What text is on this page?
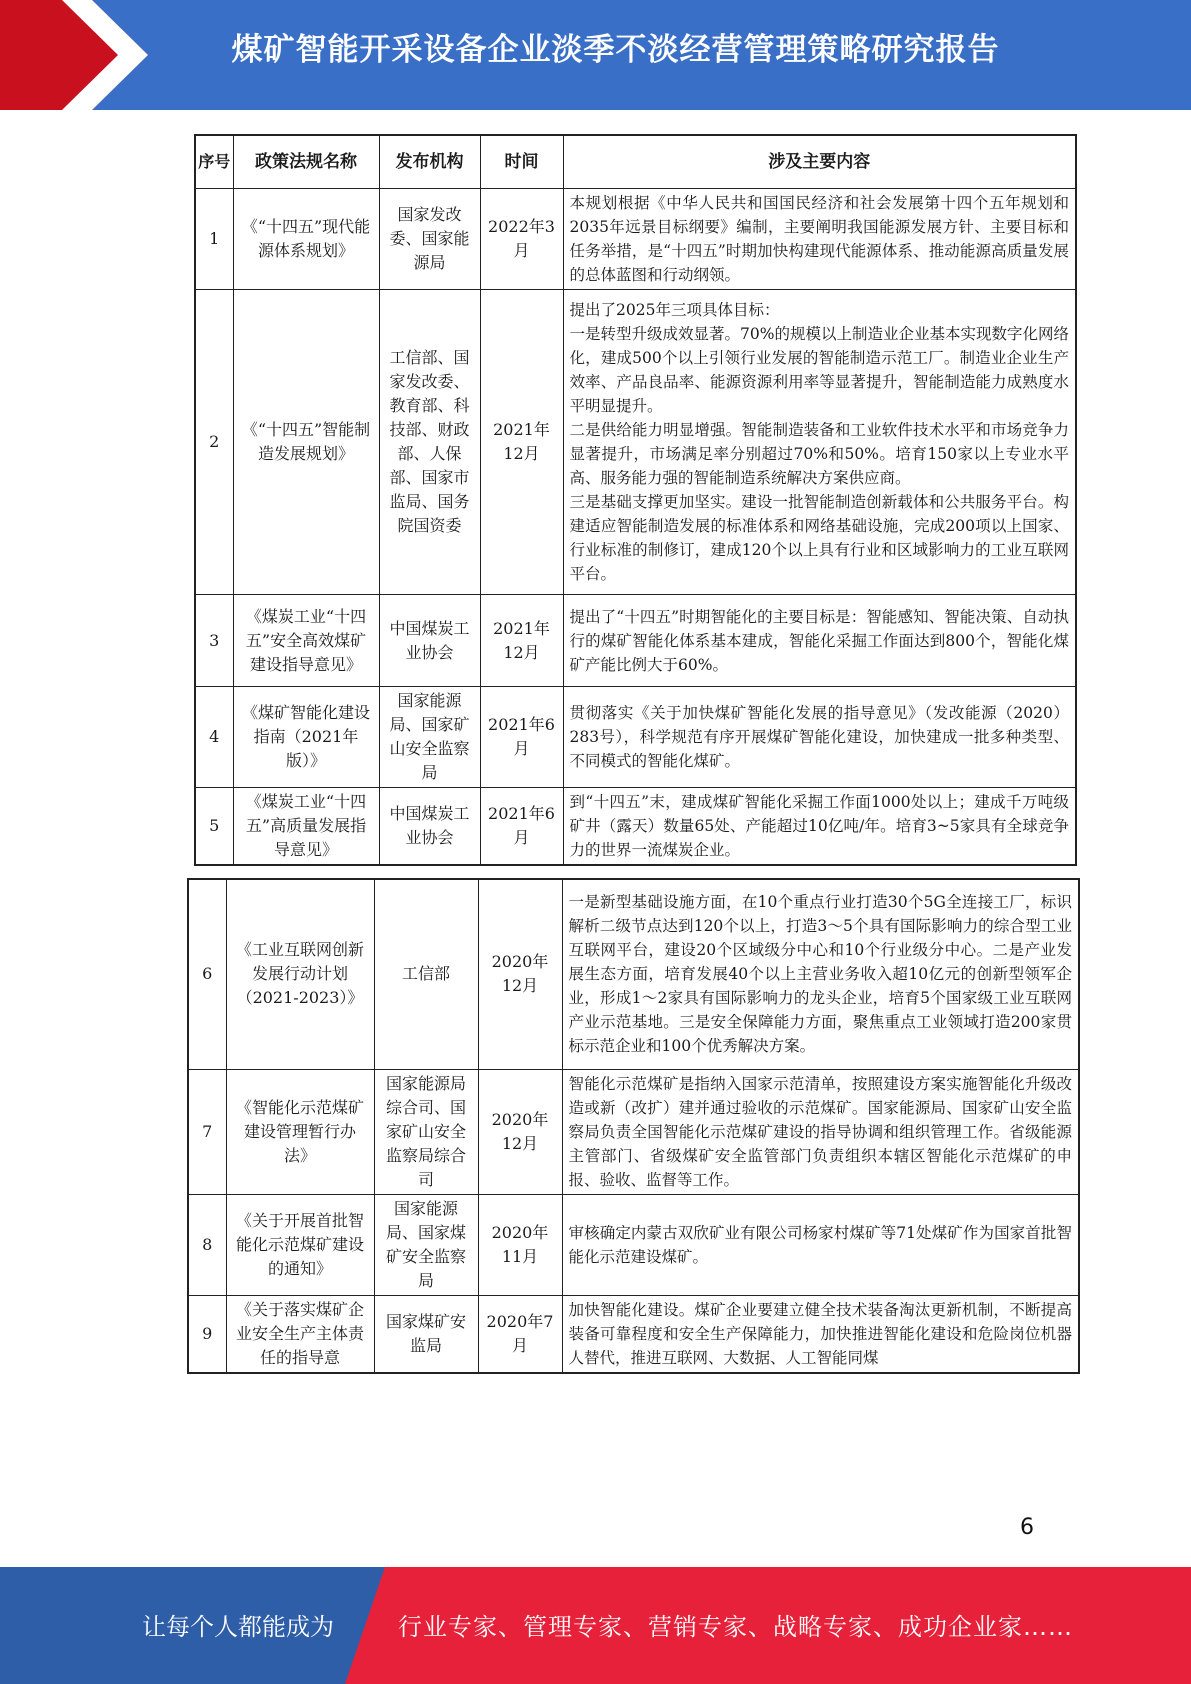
煤矿智能开采设备企业淡季不淡经营管理策略研究报告
序号	政策法规名称	发布机构	时间	涉及主要内容
1	《“十四五”现代能源体系规划》	国家发改委、国家能源局	2022年3月	本规划根据《中华人民共和国国民经济和社会发展第十四个五年规划和2035年远景目标纲要》编制，主要阐明我国能源发展方针、主要目标和任务举措，是“十四五”时期加快构建现代能源体系、推动能源高质量发展的总体蓝图和行动纲领。
2	《“十四五”智能制造发展规划》	工信部、国家发改委、教育部、科技部、财政部、人保部、国家市监局、国务院国资委	2021年12月	提出了2025年三项具体目标：
一是转型升级成效显著。70%的规模以上制造业企业基本实现数字化网络化，建成500个以上引领行业发展的智能制造示范工厂。制造业企业生产效率、产品良品率、能源资源利用率等显著提升，智能制造能力成熟度水平明显提升。
二是供给能力明显增强。智能制造装备和工业软件技术水平和市场竞争力显著提升，市场满足率分别超过70%和50%。培育150家以上专业水平高、服务能力强的智能制造系统解决方案供应商。
三是基础支撑更加坚实。建设一批智能制造创新载体和公共服务平台。构建适应智能制造发展的标准体系和网络基础设施，完成200项以上国家、行业标准的制修订，建成120个以上具有行业和区域影响力的工业互联网平台。

3	《煤炭工业“十四五”安全高效煤矿建设指导意见》	中国煤炭工业协会	2021年12月	提出了“十四五”时期智能化的主要目标是：智能感知、智能决策、自动执行的煤矿智能化体系基本建成，智能化采掘工作面达到800个，智能化煤矿产能比例大于60%。
4	《煤矿智能化建设指南（2021年版）》	国家能源局、国家矿山安全监察局	2021年6月	贯彻落实《关于加快煤矿智能化发展的指导意见》（发改能源（2020）283号），科学规范有序开展煤矿智能化建设，加快建成一批多种类型、不同模式的智能化煤矿。
5	《煤炭工业“十四五”高质量发展指导意见》	中国煤炭工业协会	2021年6月	到“十四五”末，建成煤矿智能化采掘工作面1000处以上；建成千万吨级矿井（露天）数量65处、产能超过10亿吨/年。培育3~5家具有全球竞争力的世界一流煤炭企业。
6	《工业互联网创新发展行动计划（2021-2023）》	工信部	2020年12月	一是新型基础设施方面，在10个重点行业打造30个5G全连接工厂，标识解析二级节点达到120个以上，打造3～5个具有国际影响力的综合型工业互联网平台，建设20个区域级分中心和10个行业级分中心。二是产业发展生态方面，培育发展40个以上主营业务收入超10亿元的创新型领军企业，形成1～2家具有国际影响力的龙头企业，培育5个国家级工业互联网产业示范基地。三是安全保障能力方面，聚焦重点工业领域打造200家贯标示范企业和100个优秀解决方案。
7	《智能化示范煤矿建设管理暂行办法》	国家能源局综合司、国家矿山安全监察局综合司	2020年12月	智能化示范煤矿是指纳入国家示范清单，按照建设方案实施智能化升级改造或新（改扩）建并通过验收的示范煤矿。国家能源局、国家矿山安全监察局负责全国智能化示范煤矿建设的指导协调和组织管理工作。省级能源主管部门、省级煤矿安全监管部门负责组织本辖区智能化示范煤矿的申报、验收、监督等工作。
8	《关于开展首批智能化示范煤矿建设的通知》	国家能源局、国家煤矿安全监察局	2020年11月	审核确定内蒙古双欣矿业有限公司杨家村煤矿等71处煤矿作为国家首批智能化示范建设煤矿。
9	《关于落实煤矿企业安全生产主体责任的指导意	国家煤矿安监局	2020年7月	加快智能化建设。煤矿企业要建立健全技术装备淘汰更新机制，不断提高装备可靠程度和安全生产保障能力，加快推进智能化建设和危险岗位机器人替代，推进互联网、大数据、人工智能同煤
6
让每个人都能成为	行业专家、管理专家、营销专家、战略专家、成功企业家……
